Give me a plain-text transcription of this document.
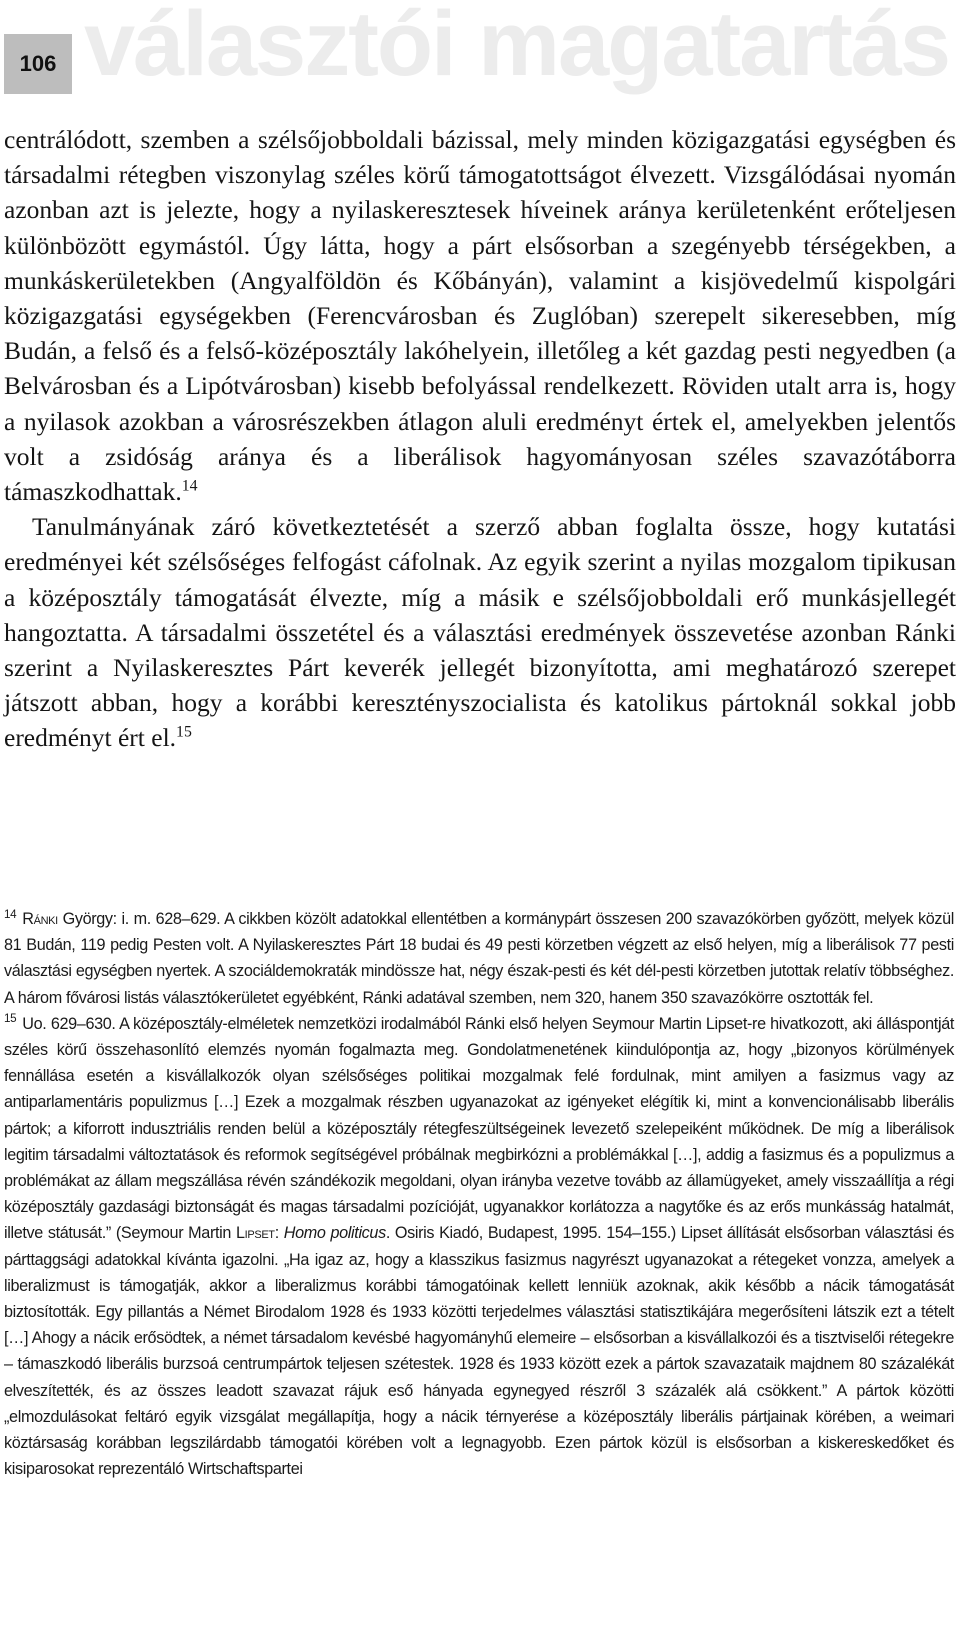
106 választói magatartás

centrálódott, szemben a szélsőjobboldali bázissal, mely minden közigazgatási egységben és társadalmi rétegben viszonylag széles körű támogatottságot élvezett. Vizsgálódásai nyomán azonban azt is jelezte, hogy a nyilaskeresztesek híveinek aránya kerületenként erőteljesen különbözött egymástól. Úgy látta, hogy a párt elsősorban a szegényebb térségekben, a munkáskerületekben (Angyalföldön és Kőbányán), valamint a kisjövedelmű kispolgári közigazgatási egységekben (Ferencvárosban és Zuglóban) szerepelt sikeresebben, míg Budán, a felső és a felső-középosztály lakóhelyein, illetőleg a két gazdag pesti negyedben (a Belvárosban és a Lipótvárosban) kisebb befolyással rendelkezett. Röviden utalt arra is, hogy a nyilasok azokban a városrészekben átlagon aluli eredményt értek el, amelyekben jelentős volt a zsidóság aránya és a liberálisok hagyományosan széles szavazótáborra támaszkodhattak.$^{14}$

Tanulmányának záró következtetését a szerző abban foglalta össze, hogy kutatási eredményei két szélsőséges felfogást cáfolnak. Az egyik szerint a nyilas mozgalom tipikusan a középosztály támogatását élvezte, míg a másik e szélsőjobboldali erő munkásjellegét hangoztatta. A társadalmi összetétel és a választási eredmények összevetése azonban Ránki szerint a Nyilaskeresztes Párt keverék jellegét bizonyította, ami meghatározó szerepet játszott abban, hogy a korábbi keresztényszocialista és katolikus pártoknál sokkal jobb eredményt ért el.$^{15}$

$^{14}$ Ránki György: i. m. 628–629. A cikkben közölt adatokkal ellentétben a kormánypárt összesen 200 szavazókörben győzött, melyek közül 81 Budán, 119 pedig Pesten volt. A Nyilaskeresztes Párt 18 budai és 49 pesti körzetben végzett az első helyen, míg a liberálisok 77 pesti választási egységben nyertek. A szociáldemokraták mindössze hat, négy észak-pesti és két dél-pesti körzetben jutottak relatív többséghez. A három fővárosi listás választókerületet egyébként, Ránki adatával szemben, nem 320, hanem 350 szavazókörre osztották fel.

$^{15}$ Uo. 629–630. A középosztály-elméletek nemzetközi irodalmából Ránki első helyen Seymour Martin Lipset-re hivatkozott, aki álláspontját széles körű összehasonlító elemzés nyomán fogalmazta meg. Gondolatmenetének kiindulópontja az, hogy „bizonyos körülmények fennállása esetén a kisvállalkozók olyan szélsőséges politikai mozgalmak felé fordulnak, mint amilyen a fasizmus vagy az antiparlamentáris populizmus […] Ezek a mozgalmak részben ugyanazokat az igényeket elégítik ki, mint a konvencionálisabb liberális pártok; a kiforrott indusztriális renden belül a középosztály rétegfeszültségeinek levezető szelepeiként működnek. De míg a liberálisok legitim társadalmi változtatások és reformok segítségével próbálnak megbirkózni a problémákkal […], addig a fasizmus és a populizmus a problémákat az állam megszállása révén szándékozik megoldani, olyan irányba vezetve tovább az államügyeket, amely visszaállítja a régi középosztály gazdasági biztonságát és magas társadalmi pozícióját, ugyanakkor korlátozza a nagytőke és az erős munkásság hatalmát, illetve státusát.” (Seymour Martin Lipset: Homo politicus. Osiris Kiadó, Budapest, 1995. 154–155.) Lipset állítását elsősorban választási és párttaggsági adatokkal kívánta igazolni. „Ha igaz az, hogy a klasszikus fasizmus nagyrészt ugyanazokat a rétegeket vonzza, amelyek a liberalizmust is támogatják, akkor a liberalizmus korábbi támogatóinak kellett lenniük azoknak, akik később a nácik támogatását biztosították. Egy pillantás a Német Birodalom 1928 és 1933 közötti terjedelmes választási statisztikájára megerősíteni látszik ezt a tételt […] Ahogy a nácik erősödtek, a német társadalom kevésbé hagyományhű elemeire – elsősorban a kisvállalkozói és a tisztviselői rétegekre – támaszkodó liberális burzsoá centrumpártok teljesen szétestek. 1928 és 1933 között ezek a pártok szavazataik majdnem 80 százalékát elveszítették, és az összes leadott szavazat rájuk eső hányada egynegyed részről 3 százalék alá csökkent.” A pártok közötti „elmozdulásokat feltáró egyik vizsgálat megállapítja, hogy a nácik térnyerése a középosztály liberális pártjainak körében, a weimari köztársaság korábban legszilárdabb támogatói körében volt a legnagyobb. Ezen pártok közül is elsősorban a kiskereskedőket és kisiparosokat reprezentáló Wirtschaftspartei
